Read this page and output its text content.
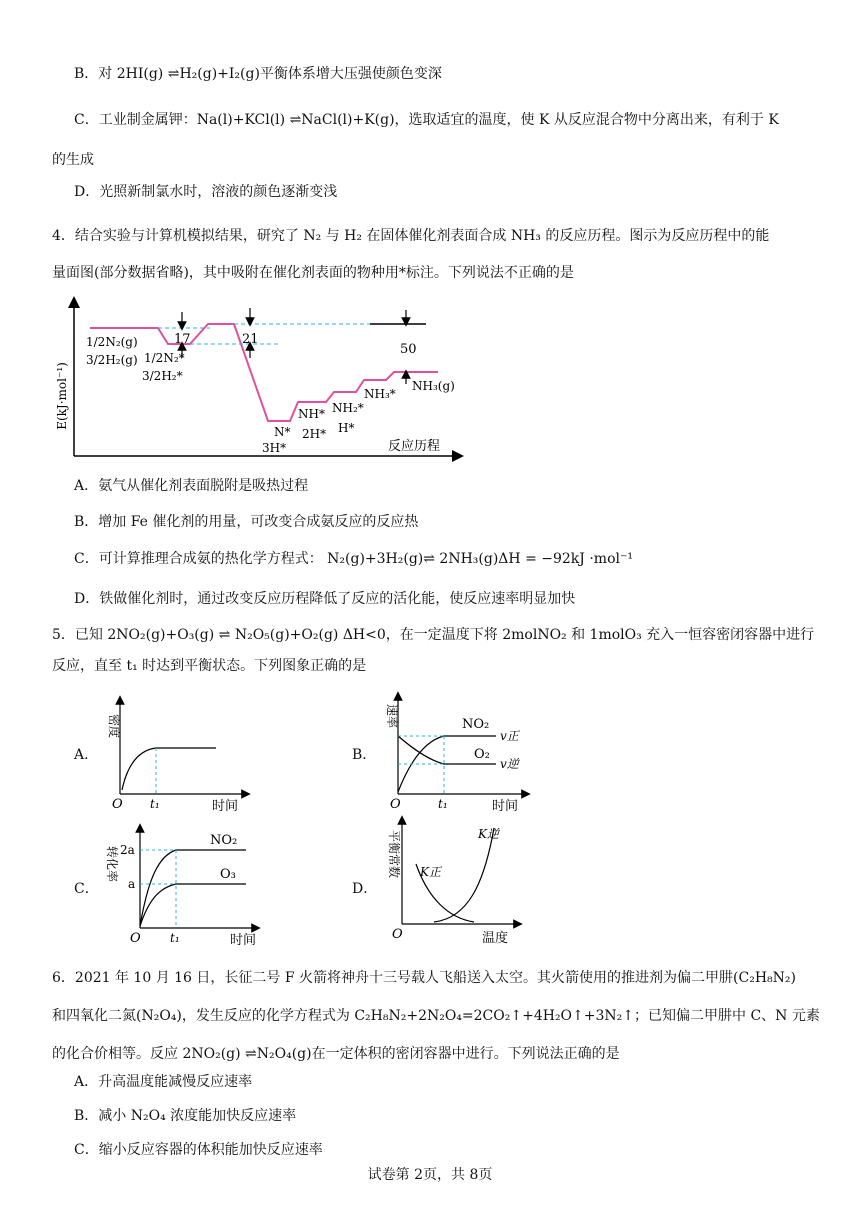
B．对 2HI(g) ⇌H₂(g)+I₂(g)平衡体系增大压强使颜色变深
C．工业制金属钾：Na(l)+KCl(l) ⇌NaCl(l)+K(g)，选取适宜的温度，使 K 从反应混合物中分离出来，有利于 K
的生成
D．光照新制氯水时，溶液的颜色逐渐变浅
4．结合实验与计算机模拟结果，研究了 N₂ 与 H₂ 在固体催化剂表面合成 NH₃ 的反应历程。图示为反应历程中的能
量面图(部分数据省略)，其中吸附在催化剂表面的物种用*标注。下列说法不正确的是
E(kJ·mol⁻¹)
反应历程
17	21
50
1/2N₂(g)
3/2H₂(g) 1/2N₂*
3/2H₂*
N*
3H*
NH*
2H*
NH₂*
H*
NH₃*
NH₃(g)
A．氨气从催化剂表面脱附是吸热过程
B．增加 Fe 催化剂的用量，可改变合成氨反应的反应热
C．可计算推理合成氨的热化学方程式： N₂(g)+3H₂(g)⇌ 2NH₃(g)ΔH = −92kJ ·mol⁻¹
D．铁做催化剂时，通过改变反应历程降低了反应的活化能，使反应速率明显加快
5．已知 2NO₂(g)+O₃(g) ⇌ N₂O₅(g)+O₂(g) ΔH<0，在一定温度下将 2molNO₂ 和 1molO₃ 充入一恒容密闭容器中进行
反应，直至 t₁ 时达到平衡状态。下列图象正确的是
A．
密度
O t₁	时间
B．
速率
O	t₁	时间
NO₂
O₂
v正
v逆
C．
转化率
O t₁	时间
2a
a
NO₂
O₃
D．
平衡常数
O	温度
K正
K逆
6．2021 年 10 月 16 日，长征二号 F 火箭将神舟十三号载人飞船送入太空。其火箭使用的推进剂为偏二甲肼(C₂H₈N₂)
和四氧化二氮(N₂O₄)，发生反应的化学方程式为 C₂H₈N₂+2N₂O₄=2CO₂↑+4H₂O↑+3N₂↑；已知偏二甲肼中 C、N 元素
的化合价相等。反应 2NO₂(g) ⇌N₂O₄(g)在一定体积的密闭容器中进行。下列说法正确的是
A．升高温度能减慢反应速率
B．减小 N₂O₄ 浓度能加快反应速率
C．缩小反应容器的体积能加快反应速率
试卷第 2页，共 8页
